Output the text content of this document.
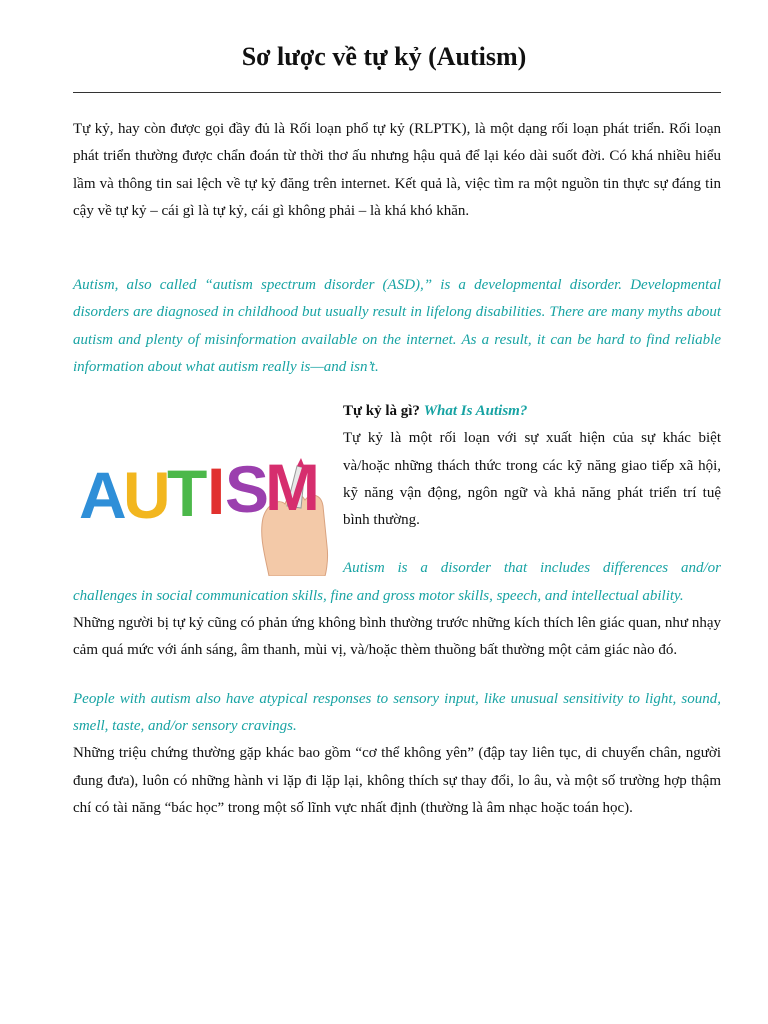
Sơ lược về tự kỷ (Autism)

Tự kỷ, hay còn được gọi đầy đủ là Rối loạn phổ tự kỷ (RLPTK), là một dạng rối loạn phát triển. Rối loạn phát triển thường được chẩn đoán từ thời thơ ấu nhưng hậu quả để lại kéo dài suốt đời. Có khá nhiều hiểu lầm và thông tin sai lệch về tự kỷ đăng trên internet. Kết quả là, việc tìm ra một nguồn tin thực sự đáng tin cậy về tự kỷ – cái gì là tự kỷ, cái gì không phải – là khá khó khăn.

Autism, also called “autism spectrum disorder (ASD),” is a developmental disorder. Developmental disorders are diagnosed in childhood but usually result in lifelong disabilities. There are many myths about autism and plenty of misinformation available on the internet. As a result, it can be hard to find reliable information about what autism really is—and isn’t.

A
U
T I S
M

Tự kỷ là gì? What Is Autism?

Tự kỷ là một rối loạn với sự xuất hiện của sự khác biệt và/hoặc những thách thức trong các kỹ năng giao tiếp xã hội, kỹ năng vận động, ngôn ngữ và khả năng phát triển trí tuệ bình thường.

Autism is a disorder that includes differences and/or challenges in social communication skills, fine and gross motor skills, speech, and intellectual ability.

Những người bị tự kỷ cũng có phản ứng không bình thường trước những kích thích lên giác quan, như nhạy cảm quá mức với ánh sáng, âm thanh, mùi vị, và/hoặc thèm thuồng bất thường một cảm giác nào đó.

People with autism also have atypical responses to sensory input, like unusual sensitivity to light, sound, smell, taste, and/or sensory cravings.

Những triệu chứng thường gặp khác bao gồm “cơ thể không yên” (đập tay liên tục, di chuyển chân, người đung đưa), luôn có những hành vi lặp đi lặp lại, không thích sự thay đổi, lo âu, và một số trường hợp thậm chí có tài năng “bác học” trong một số lĩnh vực nhất định (thường là âm nhạc hoặc toán học).
